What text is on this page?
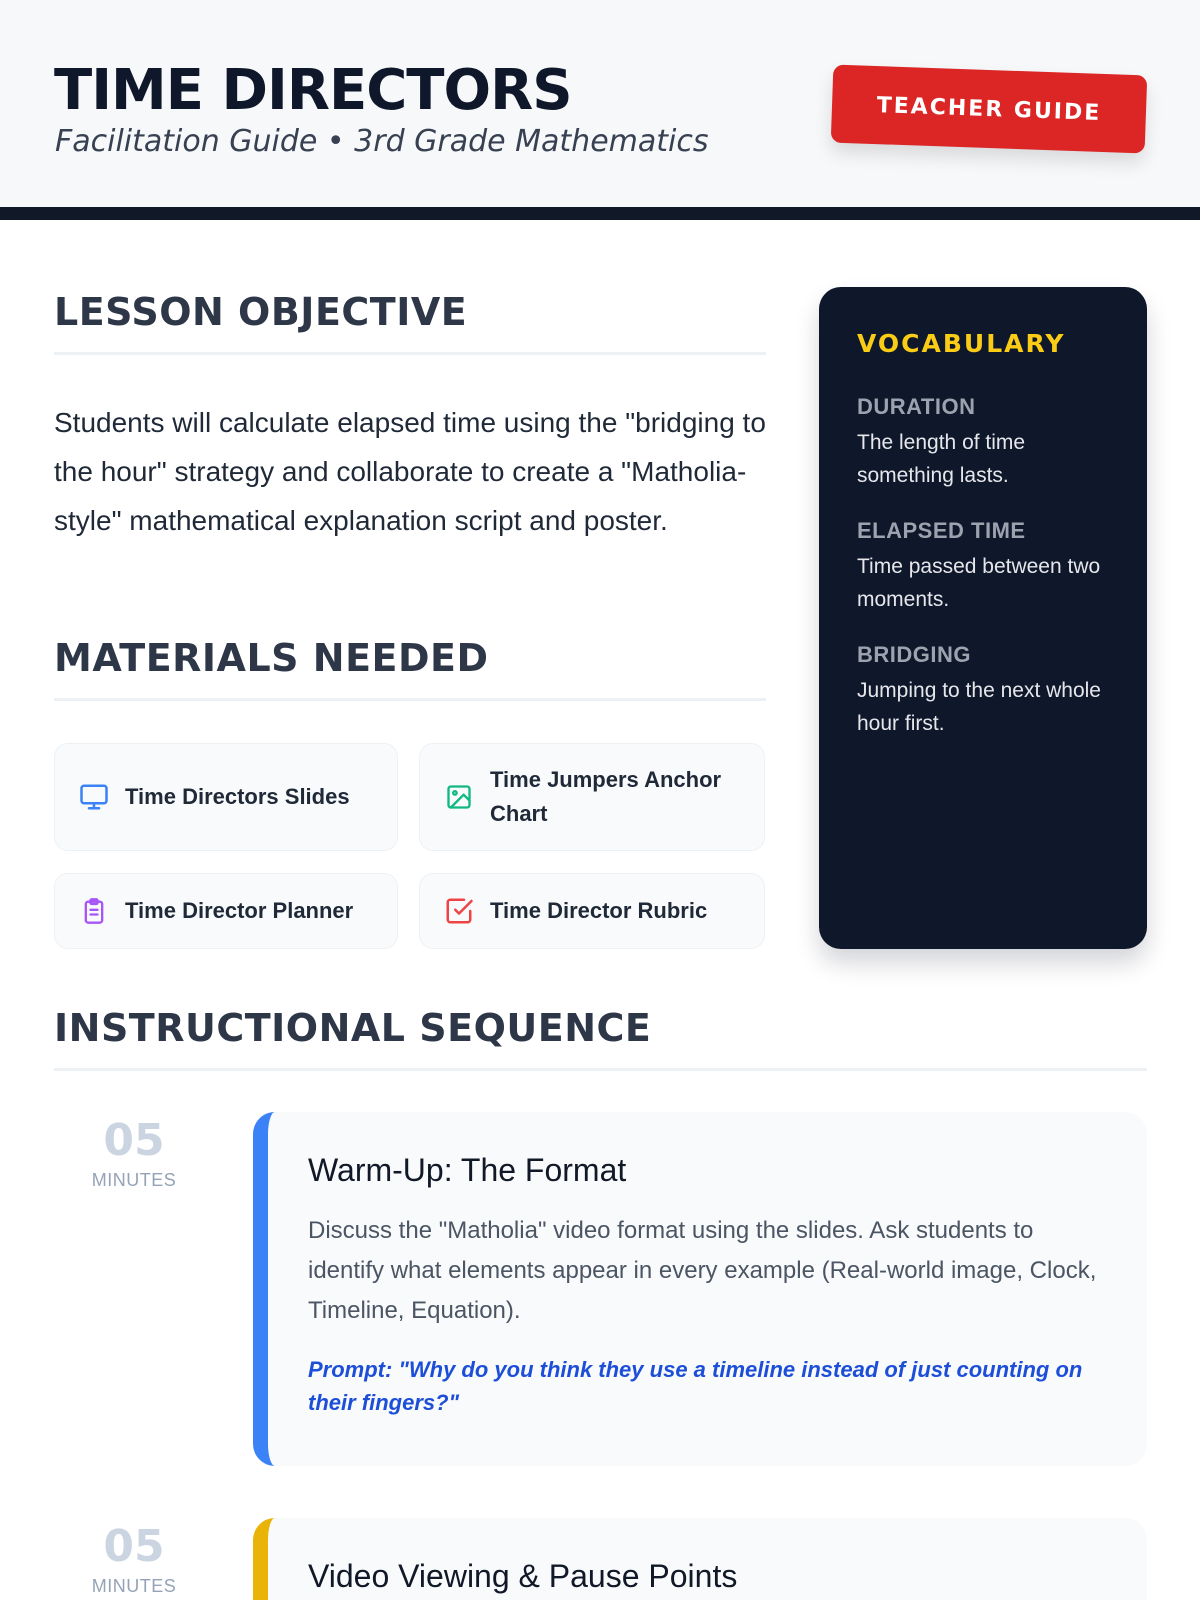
TIME DIRECTORS
Facilitation Guide • 3rd Grade Mathematics
TEACHER GUIDE
LESSON OBJECTIVE
Students will calculate elapsed time using the "bridging to the hour" strategy and collaborate to create a "Matholia-style" mathematical explanation script and poster.
MATERIALS NEEDED
Time Directors Slides
Time Jumpers Anchor Chart
Time Director Planner	Time Director Rubric
VOCABULARY
DURATION
The length of time something lasts.
ELAPSED TIME
Time passed between two moments.
BRIDGING
Jumping to the next whole hour first.
INSTRUCTIONAL SEQUENCE
05
MINUTES	Warm-Up: The Format
Discuss the "Matholia" video format using the slides. Ask students to identify what elements appear in every example (Real-world image, Clock, Timeline, Equation).
Prompt: "Why do you think they use a timeline instead of just counting on their fingers?"
05
MINUTES	Video Viewing & Pause Points
